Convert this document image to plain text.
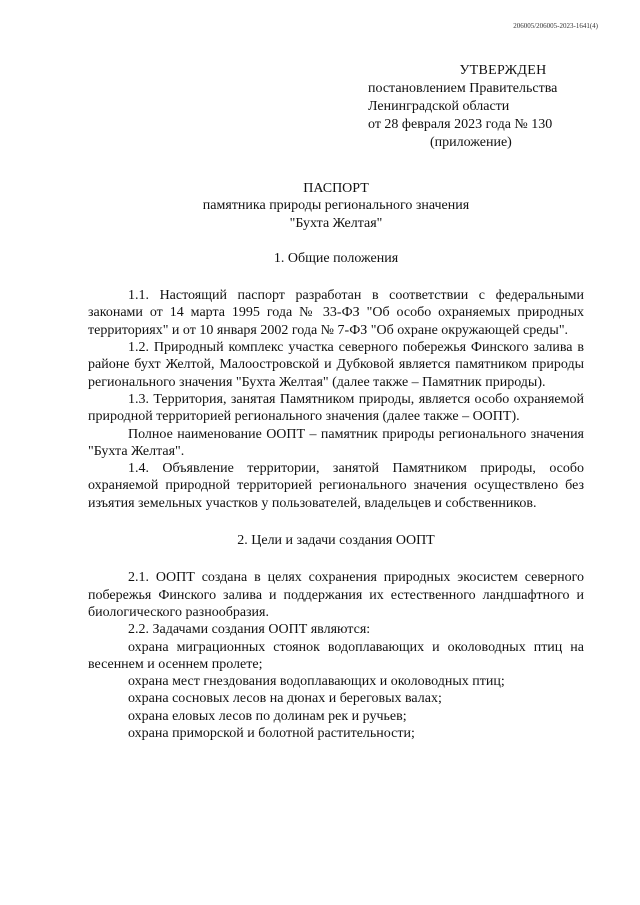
206005/206005-2023-1641(4)
УТВЕРЖДЕН
постановлением Правительства
Ленинградской области
от 28 февраля 2023 года № 130
(приложение)
ПАСПОРТ
памятника природы регионального значения
"Бухта Желтая"
1. Общие положения

1.1. Настоящий паспорт разработан в соответствии с федеральными законами от 14 марта 1995 года № 33-ФЗ "Об особо охраняемых природных территориях" и от 10 января 2002 года № 7-ФЗ "Об охране окружающей среды".

1.2. Природный комплекс участка северного побережья Финского залива в районе бухт Желтой, Малоостровской и Дубковой является памятником природы регионального значения "Бухта Желтая" (далее также – Памятник природы).

1.3. Территория, занятая Памятником природы, является особо охраняемой природной территорией регионального значения (далее также – ООПТ).

Полное наименование ООПТ – памятник природы регионального значения "Бухта Желтая".

1.4. Объявление территории, занятой Памятником природы, особо охраняемой природной территорией регионального значения осуществлено без изъятия земельных участков у пользователей, владельцев и собственников.

2. Цели и задачи создания ООПТ

2.1. ООПТ создана в целях сохранения природных экосистем северного побережья Финского залива и поддержания их естественного ландшафтного и биологического разнообразия.

2.2. Задачами создания ООПТ являются:

охрана миграционных стоянок водоплавающих и околоводных птиц на весеннем и осеннем пролете;

охрана мест гнездования водоплавающих и околоводных птиц;

охрана сосновых лесов на дюнах и береговых валах;

охрана еловых лесов по долинам рек и ручьев;

охрана приморской и болотной растительности;
